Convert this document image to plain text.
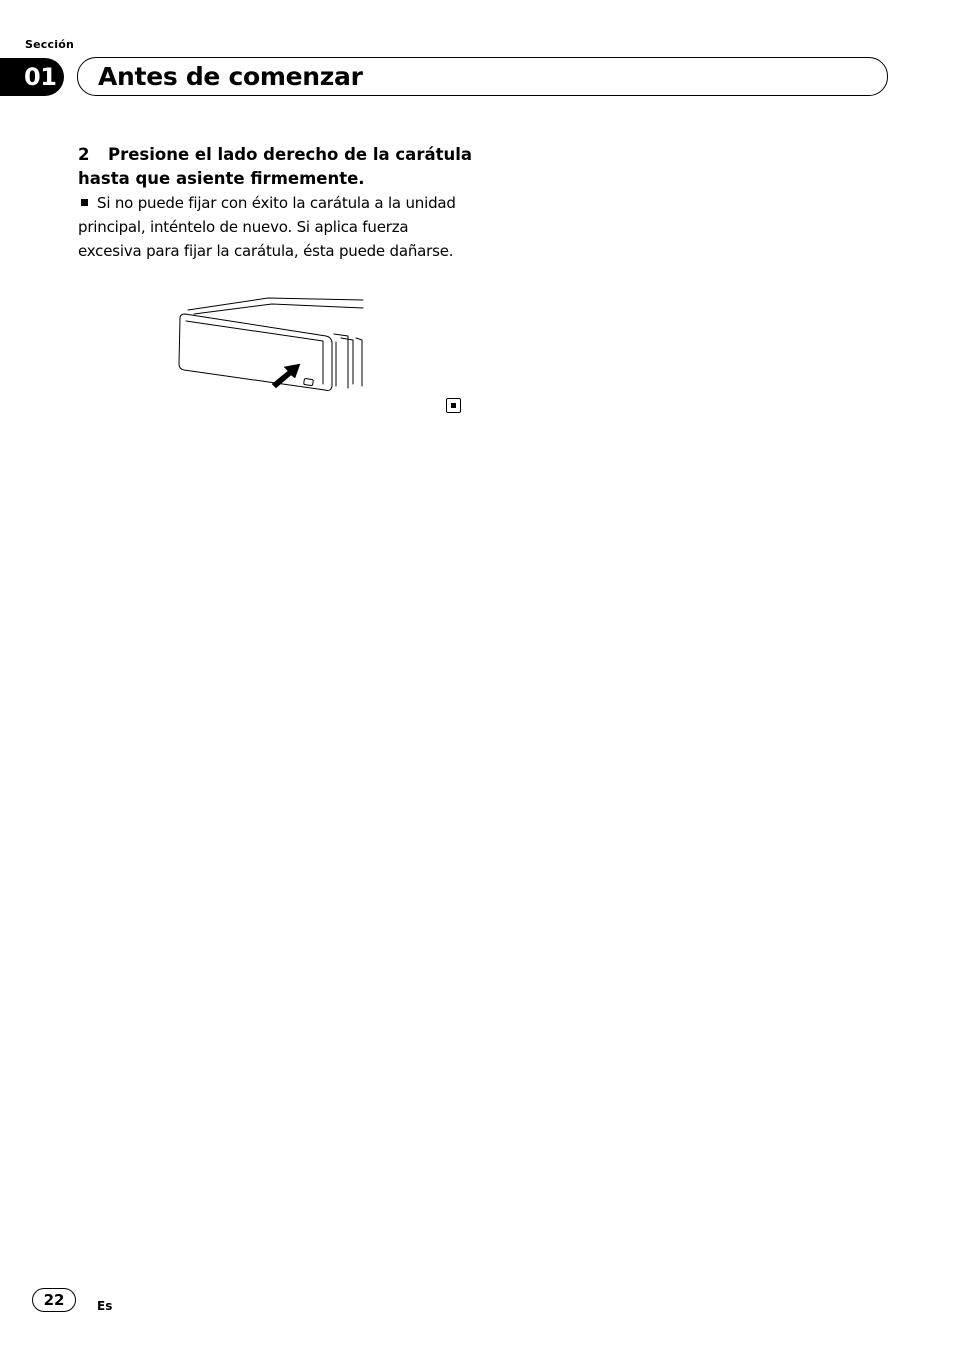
Sección
01	Antes de comenzar
2 Presione el lado derecho de la carátula hasta que asiente firmemente.
Si no puede fijar con éxito la carátula a la unidad principal, inténtelo de nuevo. Si aplica fuerza excesiva para fijar la carátula, ésta puede dañarse.
22	Es
